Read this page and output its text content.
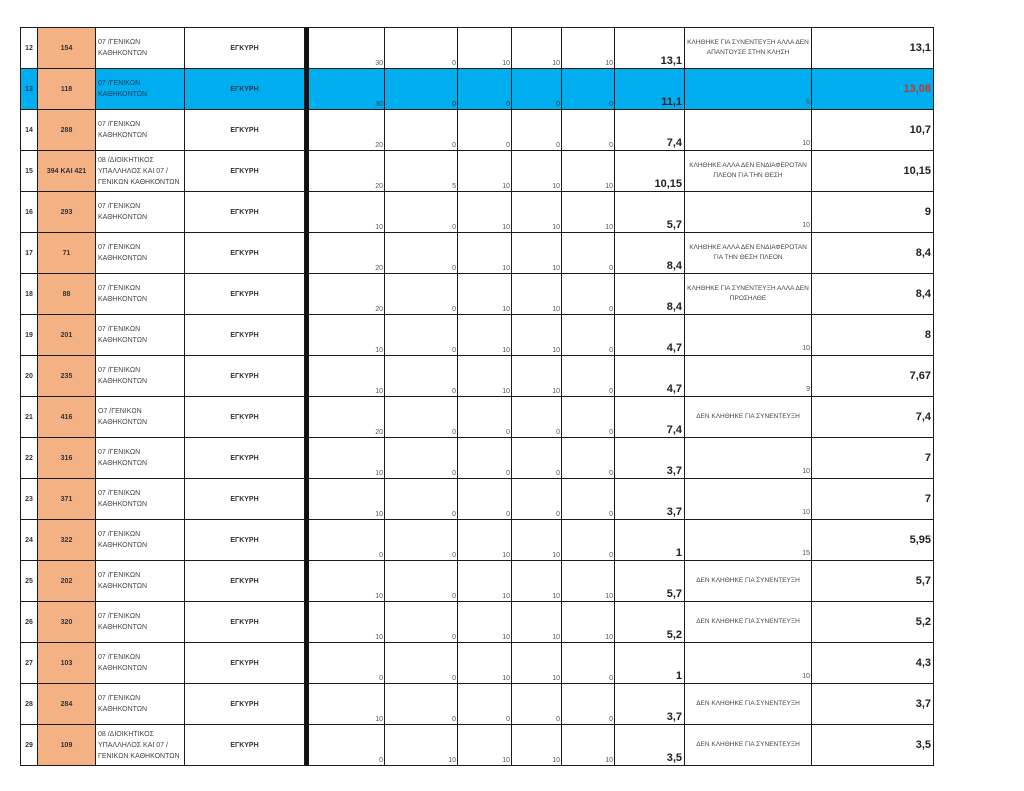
12	154	07 /ΓΕΝΙΚΩΝ ΚΑΘΗΚΟΝΤΩΝ	ΕΓΚΥΡΗ		30	0	10	10	10	13,1	ΚΛΗΘΗΚΕ ΓΙΑ ΣΥΝΕΝΤΕΥΞΗ ΑΛΛΑ ΔΕΝ ΑΠΑΝΤΟΥΣΕ ΣΤΗΝ ΚΛΗΣΗ	13,1
13	118	07 /ΓΕΝΙΚΩΝ ΚΑΘΗΚΟΝΤΩΝ	ΕΓΚΥΡΗ		30	0	0	0	0	11,1	6	13,08
14	288	07 /ΓΕΝΙΚΩΝ ΚΑΘΗΚΟΝΤΩΝ	ΕΓΚΥΡΗ		20	0	0	0	0	7,4	10	10,7
15	394 ΚΑΙ 421	08 /ΔΙΟΙΚΗΤΙΚΟΣ ΥΠΑΛΛΗΛΟΣ ΚΑΙ 07 /ΓΕΝΙΚΩΝ ΚΑΘΗΚΟΝΤΩΝ	ΕΓΚΥΡΗ		20	5	10	10	10	10,15	ΚΛΗΘΗΚΕ ΑΛΛΑ ΔΕΝ ΕΝΔΙΑΦΕΡΟΤΑΝ ΠΛΕΟΝ ΓΙΑ ΤΗΝ ΘΕΣΗ	10,15
16	293	07 /ΓΕΝΙΚΩΝ ΚΑΘΗΚΟΝΤΩΝ	ΕΓΚΥΡΗ		10	0	10	10	10	5,7	10	9
17	71	07 /ΓΕΝΙΚΩΝ ΚΑΘΗΚΟΝΤΩΝ	ΕΓΚΥΡΗ		20	0	10	10	0	8,4	ΚΛΗΘΗΚΕ ΑΛΛΑ ΔΕΝ ΕΝΔΙΑΦΕΡΟΤΑΝ ΓΙΑ ΤΗΝ ΘΕΣΗ ΠΛΕΟΝ	8,4
18	88	07 /ΓΕΝΙΚΩΝ ΚΑΘΗΚΟΝΤΩΝ	ΕΓΚΥΡΗ		20	0	10	10	0	8,4	ΚΛΗΘΗΚΕ ΓΙΑ ΣΥΝΕΝΤΕΥΞΗ ΑΛΛΑ ΔΕΝ ΠΡΟΣΗΛΘΕ	8,4
19	201	07 /ΓΕΝΙΚΩΝ ΚΑΘΗΚΟΝΤΩΝ	ΕΓΚΥΡΗ		10	0	10	10	0	4,7	10	8
20	235	07 /ΓΕΝΙΚΩΝ ΚΑΘΗΚΟΝΤΩΝ	ΕΓΚΥΡΗ		10	0	10	10	0	4,7	9	7,67
21	416	Ο7 /ΓΕΝΙΚΩΝ ΚΑΘΗΚΟΝΤΩΝ	ΕΓΚΥΡΗ		20	0	0	0	0	7,4	ΔΕΝ ΚΛΗΘΗΚΕ ΓΙΑ ΣΥΝΕΝΤΕΥΞΗ	7,4
22	316	07 /ΓΕΝΙΚΩΝ ΚΑΘΗΚΟΝΤΩΝ	ΕΓΚΥΡΗ		10	0	0	0	0	3,7	10	7
23	371	07 /ΓΕΝΙΚΩΝ ΚΑΘΗΚΟΝΤΩΝ	ΕΓΚΥΡΗ		10	0	0	0	0	3,7	10	7
24	322	07 /ΓΕΝΙΚΩΝ ΚΑΘΗΚΟΝΤΩΝ	ΕΓΚΥΡΗ		0	0	10	10	0	1	15	5,95
25	202	07 /ΓΕΝΙΚΩΝ ΚΑΘΗΚΟΝΤΩΝ	ΕΓΚΥΡΗ		10	0	10	10	10	5,7	ΔΕΝ ΚΛΗΘΗΚΕ ΓΙΑ ΣΥΝΕΝΤΕΥΞΗ	5,7
26	320	07 /ΓΕΝΙΚΩΝ ΚΑΘΗΚΟΝΤΩΝ	ΕΓΚΥΡΗ		10	0	10	10	10	5,2	ΔΕΝ ΚΛΗΘΗΚΕ ΓΙΑ ΣΥΝΕΝΤΕΥΞΗ	5,2
27	103	07 /ΓΕΝΙΚΩΝ ΚΑΘΗΚΟΝΤΩΝ	ΕΓΚΥΡΗ		0	0	10	10	0	1	10	4,3
28	284	07 /ΓΕΝΙΚΩΝ ΚΑΘΗΚΟΝΤΩΝ	ΕΓΚΥΡΗ		10	0	0	0	0	3,7	ΔΕΝ ΚΛΗΘΗΚΕ ΓΙΑ ΣΥΝΕΝΤΕΥΞΗ	3,7
29	109	08 /ΔΙΟΙΚΗΤΙΚΟΣ ΥΠΑΛΛΗΛΟΣ ΚΑΙ 07 /ΓΕΝΙΚΩΝ ΚΑΘΗΚΟΝΤΩΝ	ΕΓΚΥΡΗ		0	10	10	10	10	3,5	ΔΕΝ ΚΛΗΘΗΚΕ ΓΙΑ ΣΥΝΕΝΤΕΥΞΗ	3,5
